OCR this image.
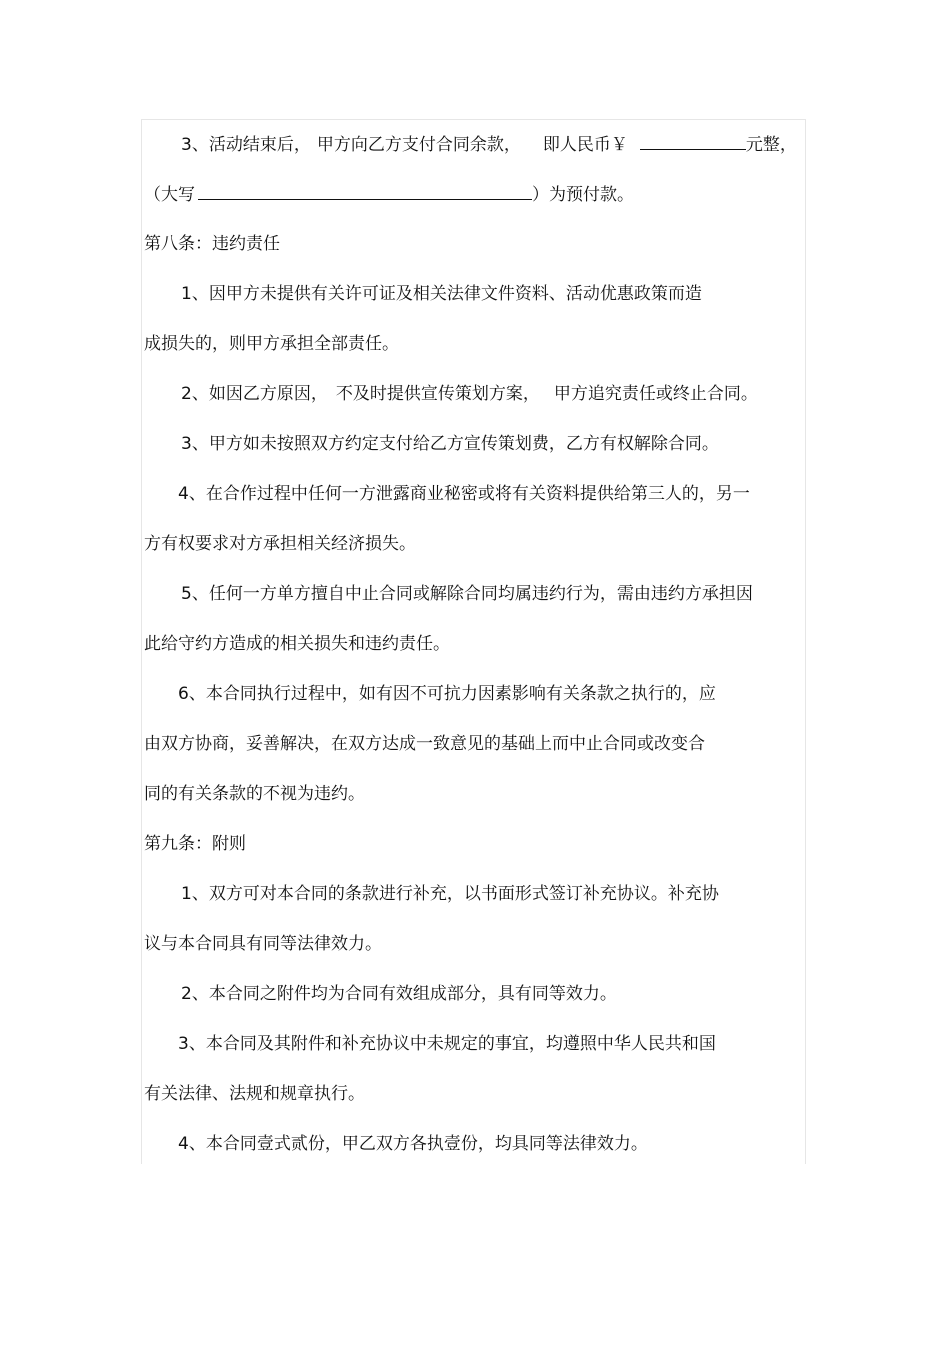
3、活动结束后， 甲方向乙方支付合同余款， 即人民币￥	元整，
（大写	）为预付款。
第八条：违约责任
1、因甲方未提供有关许可证及相关法律文件资料、活动优惠政策而造
成损失的，则甲方承担全部责任。
2、如因乙方原因， 不及时提供宣传策划方案， 甲方追究责任或终止合同。
3、甲方如未按照双方约定支付给乙方宣传策划费，乙方有权解除合同。
4、在合作过程中任何一方泄露商业秘密或将有关资料提供给第三人的，另一
方有权要求对方承担相关经济损失。
5、任何一方单方擅自中止合同或解除合同均属违约行为，需由违约方承担因
此给守约方造成的相关损失和违约责任。
6、本合同执行过程中，如有因不可抗力因素影响有关条款之执行的，应
由双方协商，妥善解决，在双方达成一致意见的基础上而中止合同或改变合
同的有关条款的不视为违约。
第九条：附则
1、双方可对本合同的条款进行补充，以书面形式签订补充协议。补充协
议与本合同具有同等法律效力。
2、本合同之附件均为合同有效组成部分，具有同等效力。
3、本合同及其附件和补充协议中未规定的事宜，均遵照中华人民共和国
有关法律、法规和规章执行。
4、本合同壹式贰份，甲乙双方各执壹份，均具同等法律效力。
